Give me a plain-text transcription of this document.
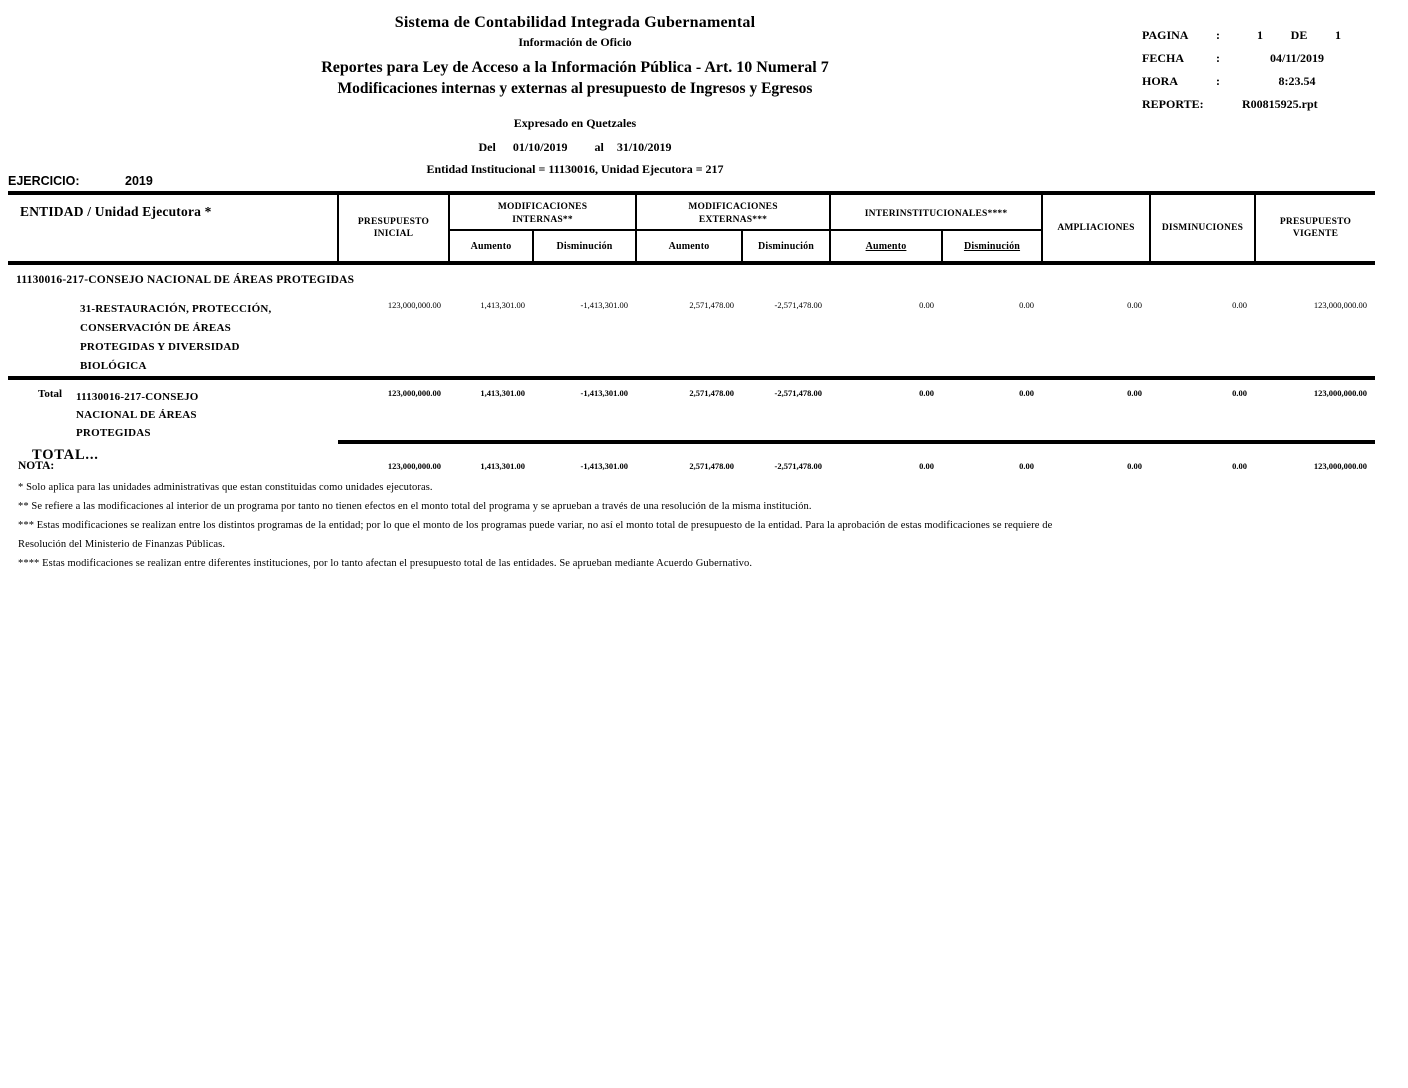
Sistema de Contabilidad Integrada Gubernamental
Información de Oficio
Reportes para Ley de Acceso a la Información Pública - Art. 10 Numeral 7
Modificaciones internas y externas al presupuesto de Ingresos y Egresos
Expresado en Quetzales
Del 01/10/2019 al 31/10/2019
Entidad Institucional = 11130016, Unidad Ejecutora = 217
PAGINA	:	1	DE	1
FECHA	:	04/11/2019
HORA	:	8:23.54
REPORTE:	R00815925.rpt
EJERCICIO:	2019
ENTIDAD / Unidad Ejecutora *	PRESUPUESTO INICIAL	MODIFICACIONES INTERNAS**		MODIFICACIONES EXTERNAS***		INTERINSTITUCIONALES****		AMPLIACIONES	DISMINUCIONES	PRESUPUESTO VIGENTE
		Aumento	Disminución	Aumento	Disminución	Aumento	Disminución			
11130016-217-CONSEJO NACIONAL DE ÁREAS PROTEGIDAS										

31-RESTAURACIÓN, PROTECCIÓN, CONSERVACIÓN DE ÁREAS PROTEGIDAS Y DIVERSIDAD BIOLÓGICA	123,000,000.00	1,413,301.00	-1,413,301.00	2,571,478.00	-2,571,478.00	0.00	0.00	0.00	0.00	123,000,000.00
Total 11130016-217-CONSEJO NACIONAL DE ÁREAS PROTEGIDAS	123,000,000.00	1,413,301.00	-1,413,301.00	2,571,478.00	-2,571,478.00	0.00	0.00	0.00	0.00	123,000,000.00
TOTAL...	123,000,000.00	1,413,301.00	-1,413,301.00	2,571,478.00	-2,571,478.00	0.00	0.00	0.00	0.00	123,000,000.00
NOTA:
* Solo aplica para las unidades administrativas que estan constituidas como unidades ejecutoras.
** Se refiere a las modificaciones al interior de un programa por tanto no tienen efectos en el monto total del programa y se aprueban a través de una resolución de la misma institución.
*** Estas modificaciones se realizan entre los distintos programas de la entidad; por lo que el monto de los programas puede variar, no así el monto total de presupuesto de la entidad. Para la aprobación de estas modificaciones se requiere de Resolución del Ministerio de Finanzas Públicas.
**** Estas modificaciones se realizan entre diferentes instituciones, por lo tanto afectan el presupuesto total de las entidades. Se aprueban mediante Acuerdo Gubernativo.
